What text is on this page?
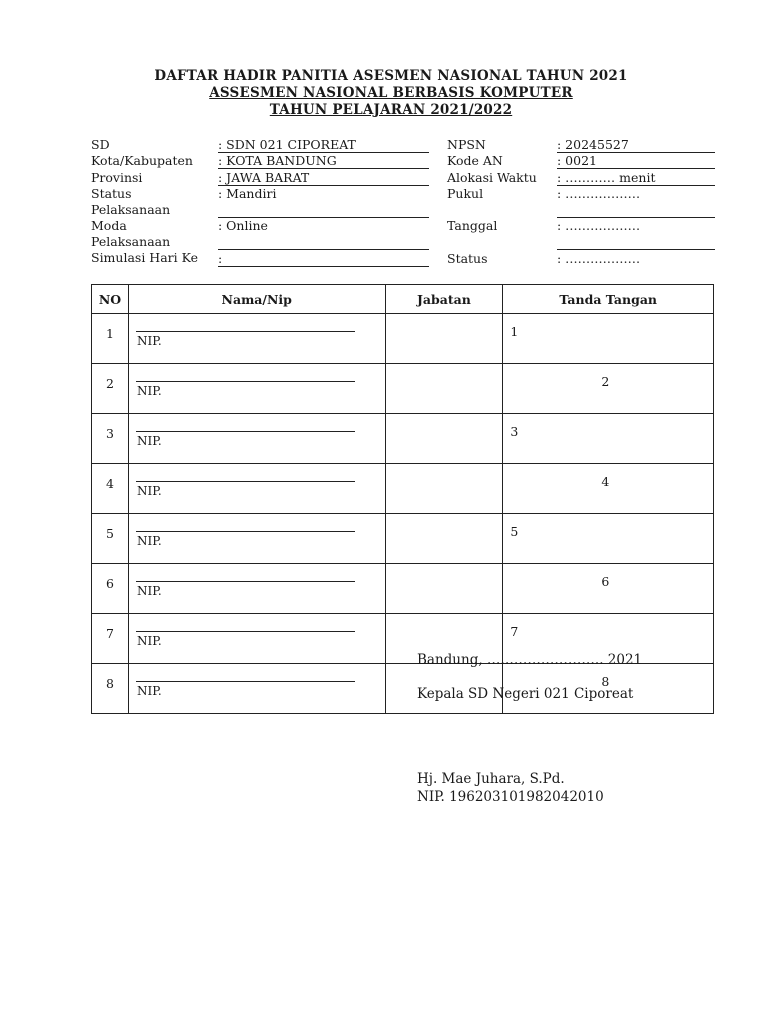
DAFTAR HADIR PANITIA ASESMEN NASIONAL TAHUN 2021
ASSESMEN NASIONAL BERBASIS KOMPUTER
TAHUN PELAJARAN 2021/2022
SD	: SDN 021 CIPOREAT
Kota/Kabupaten : KOTA BANDUNG
Provinsi	: JAWA BARAT
Status
Pelaksanaan
: Mandiri
Moda
Pelaksanaan
: Online
Simulasi Hari Ke :
NPSN	: 20245527
Kode AN	: 0021
Alokasi Waktu : ………… menit
Pukul	: ………………
Tanggal	: ………………
Status	: ………………
NO	Nama/Nip	Jabatan	Tanda Tangan
1	NIP.		1

2	NIP.		2

3	NIP.		3

4	NIP.		4

5	NIP.		5

6	NIP.		6

7	NIP.		7

8	NIP.		8
Bandung, …………………….. 2021
Kepala SD Negeri 021 Ciporeat
Hj. Mae Juhara, S.Pd.
NIP. 196203101982042010
